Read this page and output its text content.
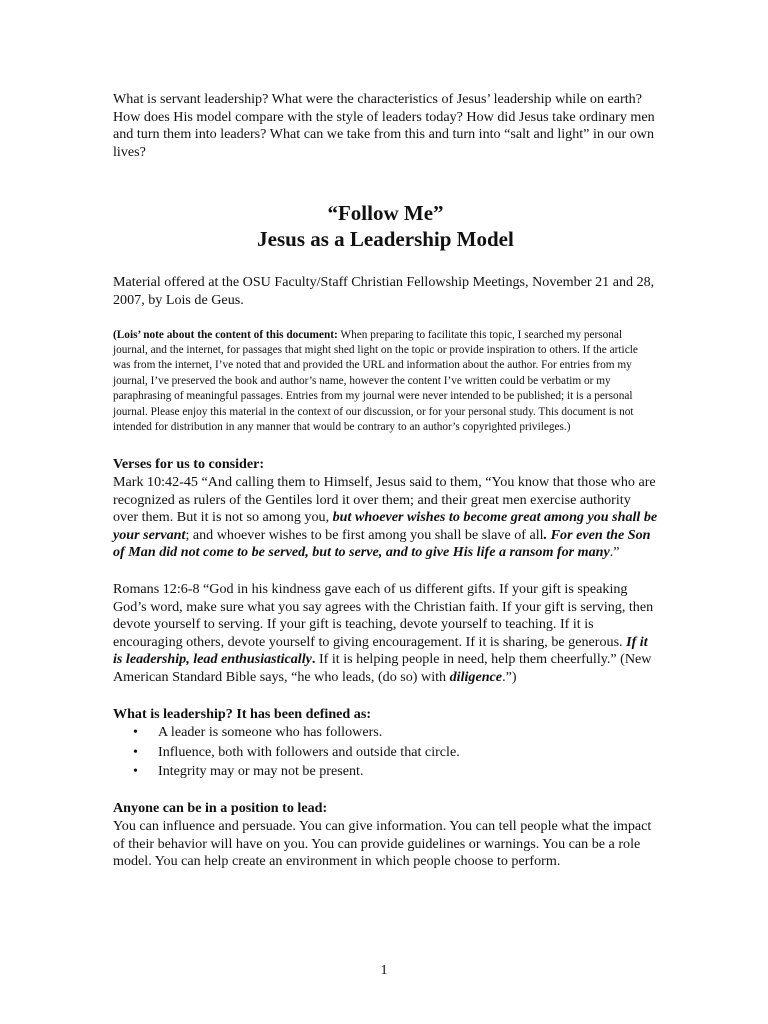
What is servant leadership? What were the characteristics of Jesus’ leadership while on earth? How does His model compare with the style of leaders today? How did Jesus take ordinary men and turn them into leaders? What can we take from this and turn into “salt and light” in our own lives?

“Follow Me”

Jesus as a Leadership Model

Material offered at the OSU Faculty/Staff Christian Fellowship Meetings, November 21 and 28, 2007, by Lois de Geus.

(Lois’ note about the content of this document: When preparing to facilitate this topic, I searched my personal journal, and the internet, for passages that might shed light on the topic or provide inspiration to others. If the article was from the internet, I’ve noted that and provided the URL and information about the author. For entries from my journal, I’ve preserved the book and author’s name, however the content I’ve written could be verbatim or my paraphrasing of meaningful passages. Entries from my journal were never intended to be published; it is a personal journal. Please enjoy this material in the context of our discussion, or for your personal study. This document is not intended for distribution in any manner that would be contrary to an author’s copyrighted privileges.)

Verses for us to consider:

Mark 10:42-45 “And calling them to Himself, Jesus said to them, “You know that those who are recognized as rulers of the Gentiles lord it over them; and their great men exercise authority over them. But it is not so among you, but whoever wishes to become great among you shall be your servant; and whoever wishes to be first among you shall be slave of all. For even the Son of Man did not come to be served, but to serve, and to give His life a ransom for many.”

Romans 12:6-8 “God in his kindness gave each of us different gifts. If your gift is speaking God’s word, make sure what you say agrees with the Christian faith. If your gift is serving, then devote yourself to serving. If your gift is teaching, devote yourself to teaching. If it is encouraging others, devote yourself to giving encouragement. If it is sharing, be generous. If it is leadership, lead enthusiastically. If it is helping people in need, help them cheerfully.” (New American Standard Bible says, “he who leads, (do so) with diligence.”)

What is leadership? It has been defined as:
• A leader is someone who has followers.
• Influence, both with followers and outside that circle.
• Integrity may or may not be present.
Anyone can be in a position to lead:

You can influence and persuade. You can give information. You can tell people what the impact of their behavior will have on you. You can provide guidelines or warnings. You can be a role model. You can help create an environment in which people choose to perform.

1
